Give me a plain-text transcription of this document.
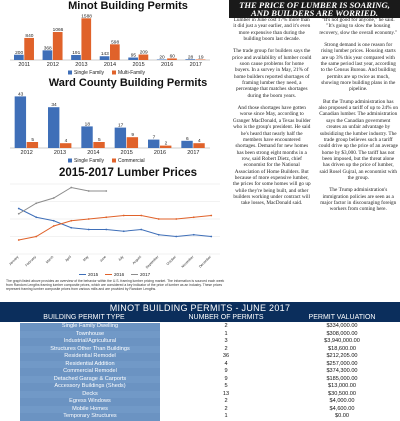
Minot Building Permits
2011	2012	2013	2014	2015	2016	2017
200
368
191	143	95	20	28
840
1066
1588
598
209
60	19
Single Family	Multi-Family
Ward County Building Permits
2012	2013	2014	2015	2016	2017
43
34
18	17
7	6
5	4	5
9
2	4
Single Family	Commercial
2015-2017 Lumber Prices
January February March	April	May	June	July August September October November December
2015	2016	2017
The graph listed above provides an overview of the behavior within the U.S. framing lumber pricing market. The information is sourced each week from Random Lengths framing lumber composite prices, which are considered a key indicator of the price of lumber as an industry. These prices represent framing lumber composite prices from various mills and are provided by Random Lengths.
THE PRICE OF LUMBER IS SOARING, AND BUILDERS ARE WORRIED.

Lumber in June cost 17% more than it did just a year earlier, and it's even more expensive than during the building boom last decade.

The trade group for builders says the price and availability of lumber could soon cause problems for home buyers. In a survey in May, 21% of home builders reported shortages of framing lumber they need, a percentage that matches shortages during the boom years.

And those shortages have gotten worse since May, according to Granger MacDonald, a Texas builder who is the group's president. He said he's heard that nearly half the members have encountered shortages. Demand for new homes has been strong eight months in a row, said Robert Dietz, chief economist for the National Association of Home Builders. But because of more expensive lumber, the prices for some homes will go up while they're being built, and other builders working under contract will take losses, MacDonald said.

"It's not good for anyone," he said. "It's going to slow the housing recovery, slow the overall economy."

Strong demand is one reason for rising lumber prices. Housing starts are up 3% this year compared with the same period last year, according to the Census Bureau. And building permits are up twice as much, showing more building plans in the pipeline.

But the Trump administration has also proposed a tariff of up to 24% on Canadian lumber. The administration says the Canadian government creates an unfair advantage by subsidizing the lumber industry. The trade group believes such a tariff could drive up the price of an average home by $3,000. The tariff has not been imposed, but the threat alone has driven up the price of lumber, said Rosel Gujral, an economist with the group.

The Trump administration's immigration policies are seen as a major factor in discouraging foreign workers from coming here.

MINOT BUILDING PERMITS - JUNE 2017
BUILDING PERMIT TYPE	NUMBER OF PERMITS	PERMIT VALUATION
Single Family Dwelling	2	$334,000.00
Townhouse	1	$308,000.00
Industrial/Agricultural	3	$3,940,000.00
Structures Other Than Buildings	2	$18,600.00
Residential Remodel	36	$212,205.00
Residential Addition	4	$257,000.00
Commercial Remodel	9	$374,300.00
Detached Garage & Carports	9	$185,000.00
Accessory Buildings (Sheds)	5	$13,000.00
Decks	13	$30,500.00
Egress Windows	2	$4,000.00
Mobile Homes	2	$4,600.00
Temporary Structures	1	$0.00
